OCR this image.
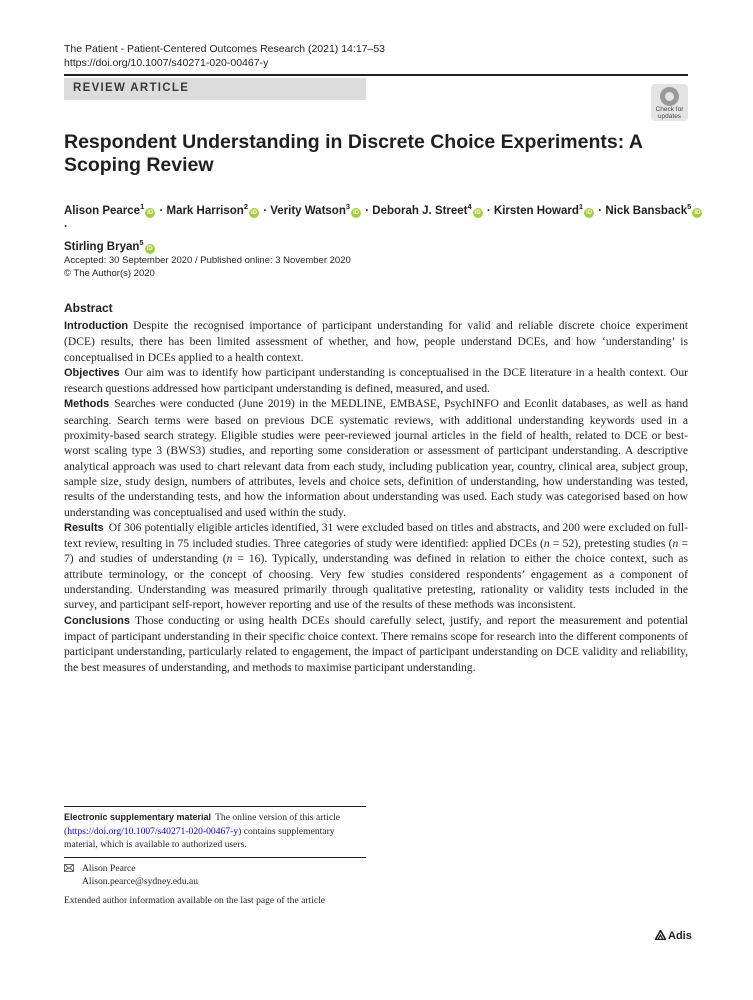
The Patient - Patient-Centered Outcomes Research (2021) 14:17–53
https://doi.org/10.1007/s40271-020-00467-y
REVIEW ARTICLE
Check for updates
Respondent Understanding in Discrete Choice Experiments: A Scoping Review
Alison Pearce$^1$iD · Mark Harrison$^2$iD · Verity Watson$^3$iD · Deborah J. Street$^4$iD · Kirsten Howard$^1$iD · Nick Bansback$^5$iD ·
Stirling Bryan$^5$iD
Accepted: 30 September 2020 / Published online: 3 November 2020
© The Author(s) 2020
Abstract

Introduction Despite the recognised importance of participant understanding for valid and reliable discrete choice experiment (DCE) results, there has been limited assessment of whether, and how, people understand DCEs, and how ‘understanding’ is conceptualised in DCEs applied to a health context.

Objectives Our aim was to identify how participant understanding is conceptualised in the DCE literature in a health context. Our research questions addressed how participant understanding is defined, measured, and used.

Methods Searches were conducted (June 2019) in the MEDLINE, EMBASE, PsychINFO and Econlit databases, as well as hand searching. Search terms were based on previous DCE systematic reviews, with additional understanding keywords used in a proximity-based search strategy. Eligible studies were peer-reviewed journal articles in the field of health, related to DCE or best-worst scaling type 3 (BWS3) studies, and reporting some consideration or assessment of participant understanding. A descriptive analytical approach was used to chart relevant data from each study, including publication year, country, clinical area, subject group, sample size, study design, numbers of attributes, levels and choice sets, definition of understanding, how understanding was tested, results of the understanding tests, and how the information about understanding was used. Each study was categorised based on how understanding was conceptualised and used within the study.

Results Of 306 potentially eligible articles identified, 31 were excluded based on titles and abstracts, and 200 were excluded on full-text review, resulting in 75 included studies. Three categories of study were identified: applied DCEs (n = 52), pretesting studies (n = 7) and studies of understanding (n = 16). Typically, understanding was defined in relation to either the choice context, such as attribute terminology, or the concept of choosing. Very few studies considered respondents’ engagement as a component of understanding. Understanding was measured primarily through qualitative pretesting, rationality or validity tests included in the survey, and participant self-report, however reporting and use of the results of these methods was inconsistent.

Conclusions Those conducting or using health DCEs should carefully select, justify, and report the measurement and potential impact of participant understanding in their specific choice context. There remains scope for research into the different components of participant understanding, particularly related to engagement, the impact of participant understanding on DCE validity and reliability, the best measures of understanding, and methods to maximise participant understanding.

Electronic supplementary material The online version of this article (https://doi.org/10.1007/s40271-020-00467-y) contains supplementary material, which is available to authorized users.
Alison Pearce
Alison.pearce@sydney.edu.au
Extended author information available on the last page of the article
Adis
